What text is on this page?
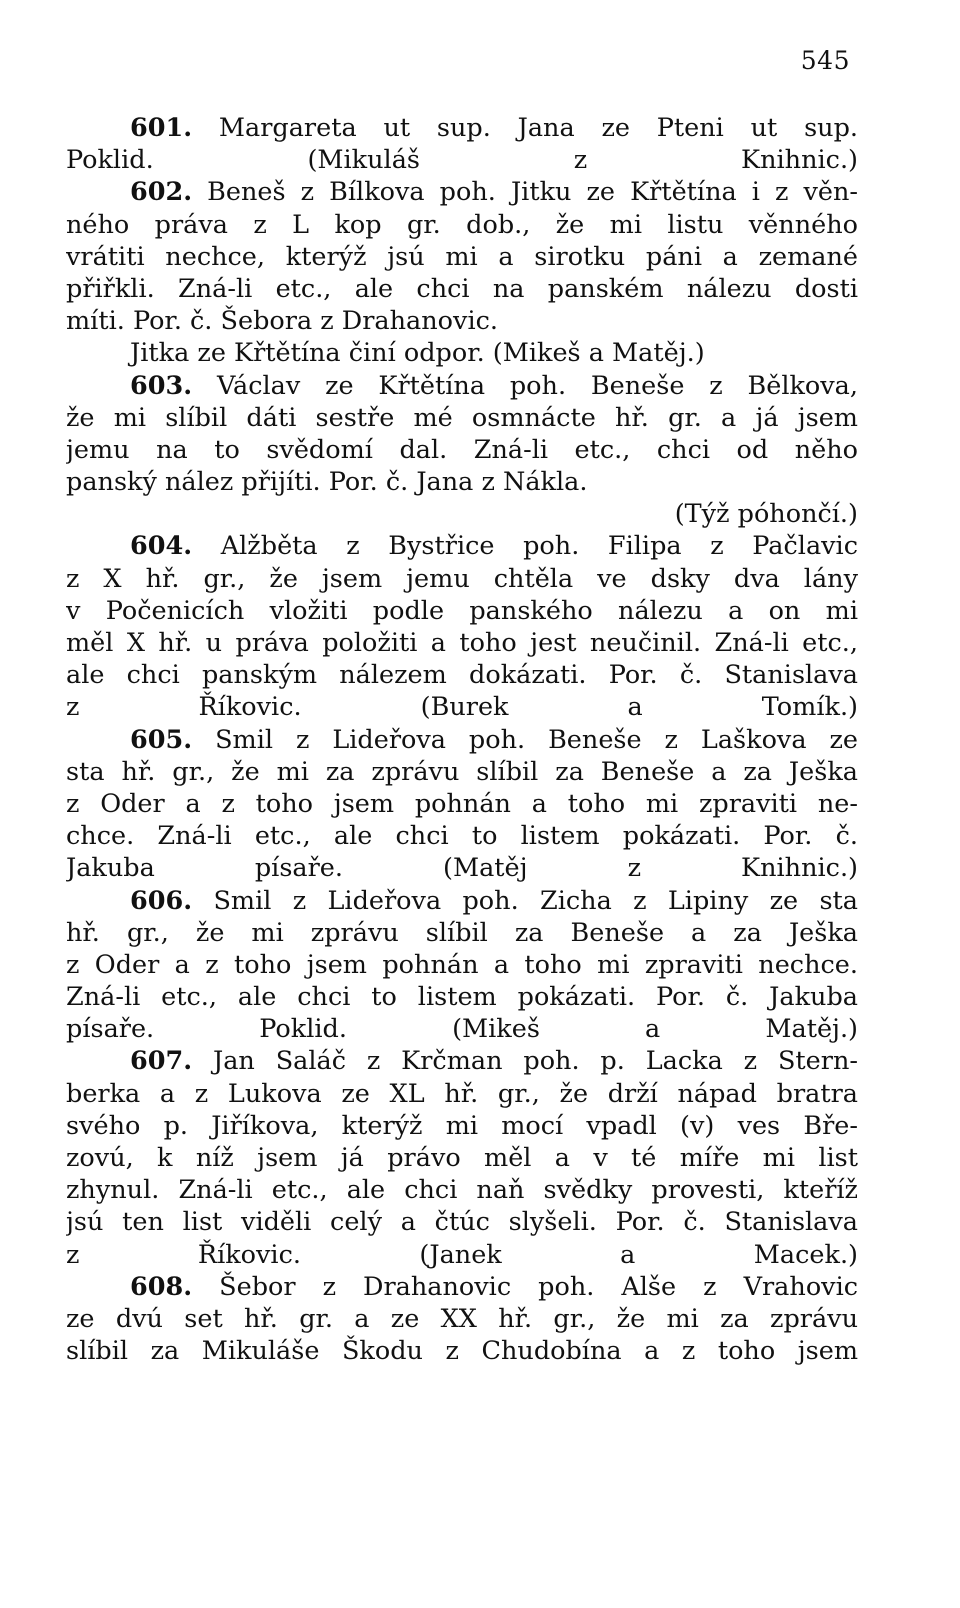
545
601. Margareta ut sup. Jana ze Pteni ut sup.
Poklid. (Mikuláš z Knihnic.)
602. Beneš z Bílkova poh. Jitku ze Křtětína i z věn-
ného práva z L kop gr. dob., že mi listu věnného
vrátiti nechce, kterýž jsú mi a sirotku páni a zemané
přiřkli. Zná-li etc., ale chci na panském nálezu dosti
míti. Por. č. Šebora z Drahanovic.
Jitka ze Křtětína činí odpor. (Mikeš a Matěj.)
603. Václav ze Křtětína poh. Beneše z Bělkova,
že mi slíbil dáti sestře mé osmnácte hř. gr. a já jsem
jemu na to svědomí dal. Zná-li etc., chci od něho
panský nález přijíti. Por. č. Jana z Nákla.
(Týž póhončí.)
604. Alžběta z Bystřice poh. Filipa z Pačlavic
z X hř. gr., že jsem jemu chtěla ve dsky dva lány
v Počenicích vložiti podle panského nálezu a on mi
měl X hř. u práva položiti a toho jest neučinil. Zná-li etc.,
ale chci panským nálezem dokázati. Por. č. Stanislava
z Říkovic. (Burek a Tomík.)
605. Smil z Lideřova poh. Beneše z Laškova ze
sta hř. gr., že mi za zprávu slíbil za Beneše a za Ješka
z Oder a z toho jsem pohnán a toho mi zpraviti ne-
chce. Zná-li etc., ale chci to listem pokázati. Por. č.
Jakuba písaře. (Matěj z Knihnic.)
606. Smil z Lideřova poh. Zicha z Lipiny ze sta
hř. gr., že mi zprávu slíbil za Beneše a za Ješka
z Oder a z toho jsem pohnán a toho mi zpraviti nechce.
Zná-li etc., ale chci to listem pokázati. Por. č. Jakuba
písaře. Poklid. (Mikeš a Matěj.)
607. Jan Saláč z Krčman poh. p. Lacka z Stern-
berka a z Lukova ze XL hř. gr., že drží nápad bratra
svého p. Jiříkova, kterýž mi mocí vpadl (v) ves Bře-
zovú, k níž jsem já právo měl a v té míře mi list
zhynul. Zná-li etc., ale chci naň svědky provesti, kteříž
jsú ten list viděli celý a čtúc slyšeli. Por. č. Stanislava
z Říkovic. (Janek a Macek.)
608. Šebor z Drahanovic poh. Alše z Vrahovic
ze dvú set hř. gr. a ze XX hř. gr., že mi za zprávu
slíbil za Mikuláše Škodu z Chudobína a z toho jsem
